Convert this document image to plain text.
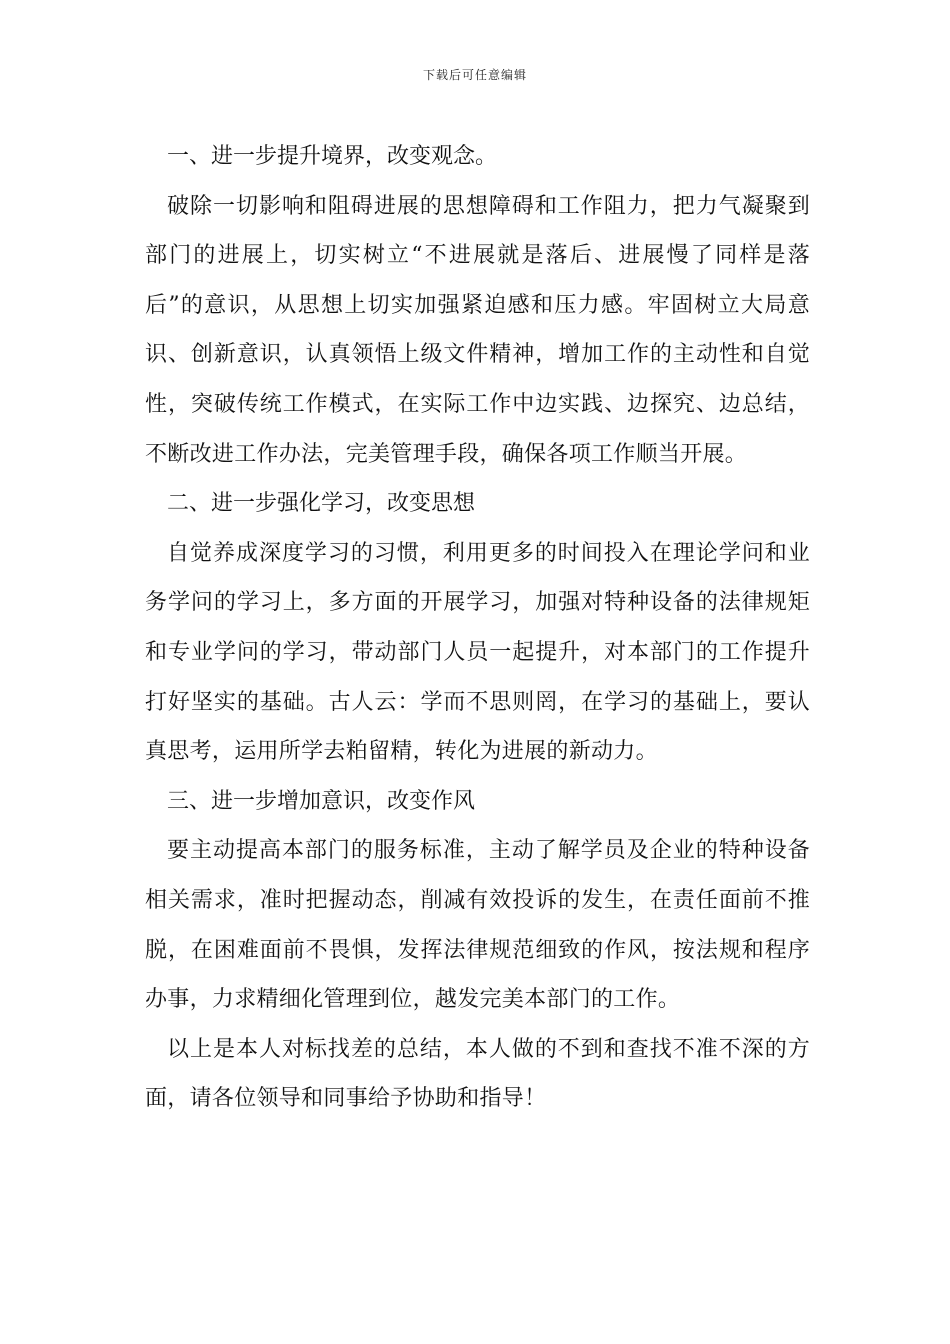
下载后可任意编辑

一、进一步提升境界，改变观念。

破除一切影响和阻碍进展的思想障碍和工作阻力，把力气凝聚到部门的进展上，切实树立“不进展就是落后、进展慢了同样是落后”的意识，从思想上切实加强紧迫感和压力感。牢固树立大局意识、创新意识，认真领悟上级文件精神，增加工作的主动性和自觉性，突破传统工作模式，在实际工作中边实践、边探究、边总结，不断改进工作办法，完美管理手段，确保各项工作顺当开展。

二、进一步强化学习，改变思想

自觉养成深度学习的习惯，利用更多的时间投入在理论学问和业务学问的学习上，多方面的开展学习，加强对特种设备的法律规矩和专业学问的学习，带动部门人员一起提升，对本部门的工作提升打好坚实的基础。古人云：学而不思则罔，在学习的基础上，要认真思考，运用所学去粕留精，转化为进展的新动力。

三、进一步增加意识，改变作风

要主动提高本部门的服务标准，主动了解学员及企业的特种设备相关需求，准时把握动态，削减有效投诉的发生，在责任面前不推脱，在困难面前不畏惧，发挥法律规范细致的作风，按法规和程序办事，力求精细化管理到位，越发完美本部门的工作。

以上是本人对标找差的总结，本人做的不到和查找不准不深的方面，请各位领导和同事给予协助和指导！
